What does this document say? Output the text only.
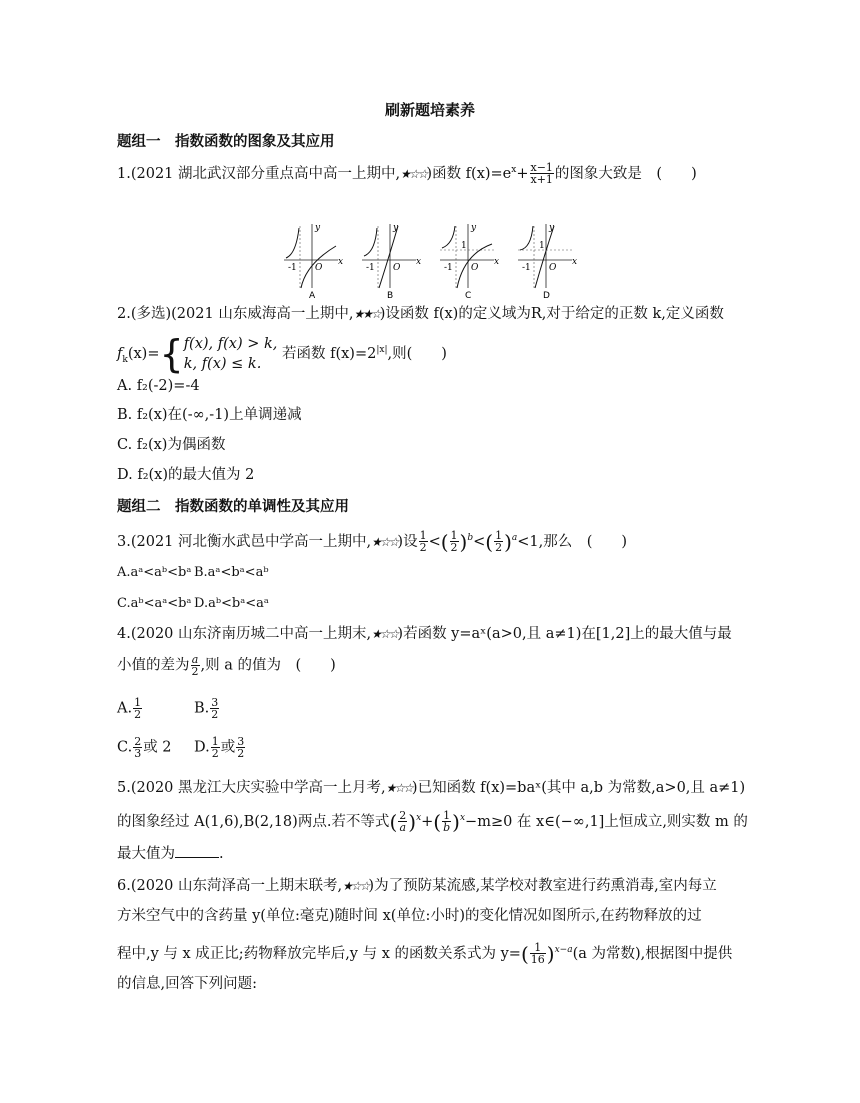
刷新题培素养
题组一　指数函数的图象及其应用
1.(2021 湖北武汉部分重点高中高一上期中,★☆☆)函数 $f(x)=e^x+ \frac{x-1}{x+1}$ 的图象大致是　(　　)
x
y
O
-1
A
x
y
O
-1
B
x
y
O
-1
1
C
x
y
O
-1
1
D
2.(多选)(2021 山东威海高一上期中,★★☆)设函数 f(x)的定义域为R,对于给定的正数 k,定义函数
$f_k(x)=\{f(x)$, f(x) > k,
k, f(x) ≤ k. 若函数 $f(x)=2^{|x|}$,则(　　)
A. f₂(-2)=-4
B. f₂(x)在(-∞,-1)上单调递减
C. f₂(x)为偶函数
D. f₂(x)的最大值为 2
题组二　指数函数的单调性及其应用
3.(2021 河北衡水武邑中学高一上期中,★☆☆)设 $\frac{1}{2}$ <( $\frac{1}{2} )^b<( \frac{1}{2} )^a<1$,那么　(　　)
A.aᵃ<aᵇ<bᵃ B.aᵃ<bᵃ<aᵇ
C.aᵇ<aᵃ<bᵃ D.aᵇ<bᵃ<aᵃ
4.(2020 山东济南历城二中高一上期末,★☆☆)若函数 y=aˣ(a>0,且 a≠1)在[1,2]上的最大值与最
小值的差为 $\frac{a}{2}$ ,则 a 的值为　(　　)
A. $\frac{1}{2}$	B. $\frac{3}{2}$
C. $\frac{2}{3}$ 或 2 D. $\frac{1}{2}$ 或 $\frac{3}{2}$
5.(2020 黑龙江大庆实验中学高一上月考,★☆☆)已知函数 f(x)=baˣ(其中 a,b 为常数,a>0,且 a≠1)
的图象经过 A(1,6),B(2,18)两点.若不等式( $\frac{2}{a} )^x+( \frac{1}{b} )^x-m\ge 0$ 在 x∈(−∞,1]上恒成立,则实数 m 的
最大值为	.
6.(2020 山东菏泽高一上期末联考,★☆☆)为了预防某流感,某学校对教室进行药熏消毒,室内每立
方米空气中的含药量 y(单位:毫克)随时间 x(单位:小时)的变化情况如图所示,在药物释放的过
程中,y 与 x 成正比;药物释放完毕后,y 与 x 的函数关系式为 $y=( \frac{1}{16} )^{x-a}(a$ 为常数),根据图中提供
的信息,回答下列问题:
